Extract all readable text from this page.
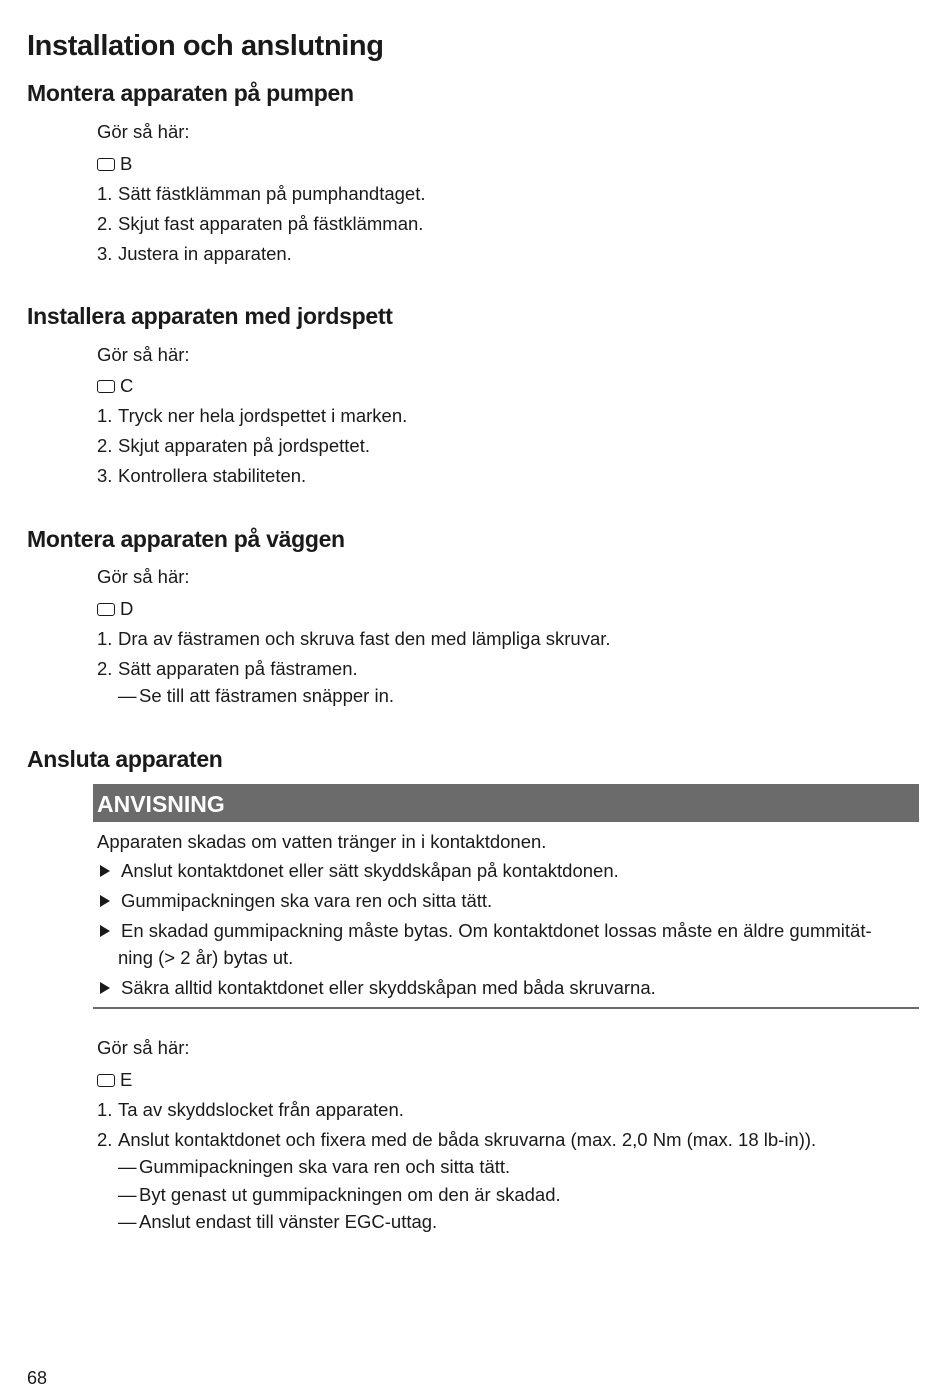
Installation och anslutning
Montera apparaten på pumpen
Gör så här:
B
1. Sätt fästklämman på pumphandtaget.
2. Skjut fast apparaten på fästklämman.
3. Justera in apparaten.
Installera apparaten med jordspett
Gör så här:
C
1. Tryck ner hela jordspettet i marken.
2. Skjut apparaten på jordspettet.
3. Kontrollera stabiliteten.
Montera apparaten på väggen
Gör så här:
D
1. Dra av fästramen och skruva fast den med lämpliga skruvar.
2. Sätt apparaten på fästramen.
— Se till att fästramen snäpper in.
Ansluta apparaten
ANVISNING
Apparaten skadas om vatten tränger in i kontaktdonen.
Anslut kontaktdonet eller sätt skyddskåpan på kontaktdonen.
Gummipackningen ska vara ren och sitta tätt.
En skadad gummipackning måste bytas. Om kontaktdonet lossas måste en äldre gummität-
ning (> 2 år) bytas ut.
Säkra alltid kontaktdonet eller skyddskåpan med båda skruvarna.
Gör så här:
E
1. Ta av skyddslocket från apparaten.
2. Anslut kontaktdonet och fixera med de båda skruvarna (max. 2,0 Nm (max. 18 lb-in)).
— Gummipackningen ska vara ren och sitta tätt.
— Byt genast ut gummipackningen om den är skadad.
— Anslut endast till vänster EGC-uttag.
68
